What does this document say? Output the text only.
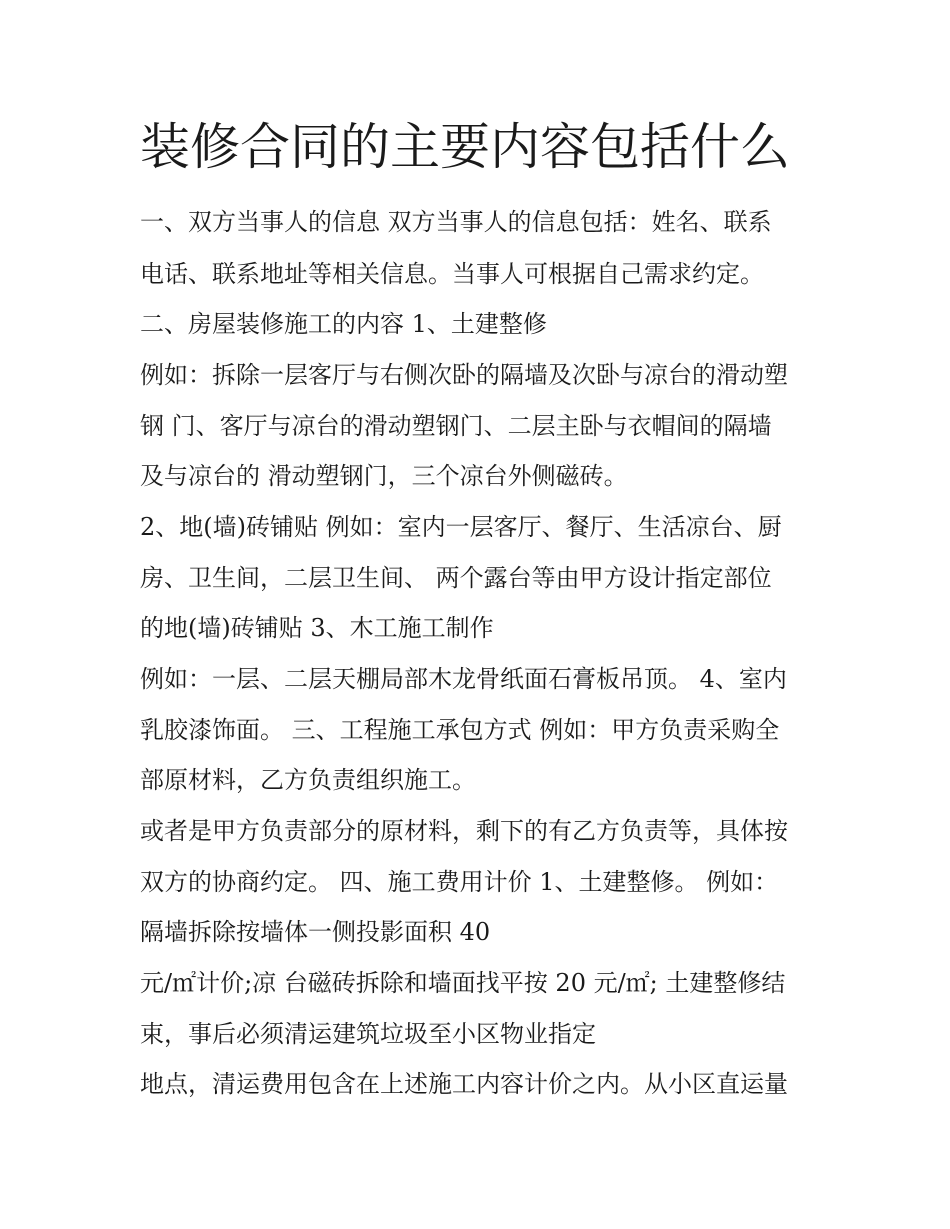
装修合同的主要内容包括什么

一、双方当事人的信息 双方当事人的信息包括：姓名、联系

电话、联系地址等相关信息。当事人可根据自己需求约定。

二、房屋装修施工的内容 1、土建整修

例如：拆除一层客厅与右侧次卧的隔墙及次卧与凉台的滑动塑

钢 门、客厅与凉台的滑动塑钢门、二层主卧与衣帽间的隔墙

及与凉台的 滑动塑钢门，三个凉台外侧磁砖。

2、地(墙)砖铺贴 例如：室内一层客厅、餐厅、生活凉台、厨

房、卫生间，二层卫生间、 两个露台等由甲方设计指定部位

的地(墙)砖铺贴 3、木工施工制作

例如：一层、二层天棚局部木龙骨纸面石膏板吊顶。 4、室内

乳胶漆饰面。 三、工程施工承包方式 例如：甲方负责采购全

部原材料，乙方负责组织施工。

或者是甲方负责部分的原材料，剩下的有乙方负责等，具体按

双方的协商约定。 四、施工费用计价 1、土建整修。 例如：

隔墙拆除按墙体一侧投影面积 40

元/㎡计价;凉 台磁砖拆除和墙面找平按 20 元/㎡; 土建整修结

束，事后必须清运建筑垃圾至小区物业指定

地点，清运费用包含在上述施工内容计价之内。从小区直运量
